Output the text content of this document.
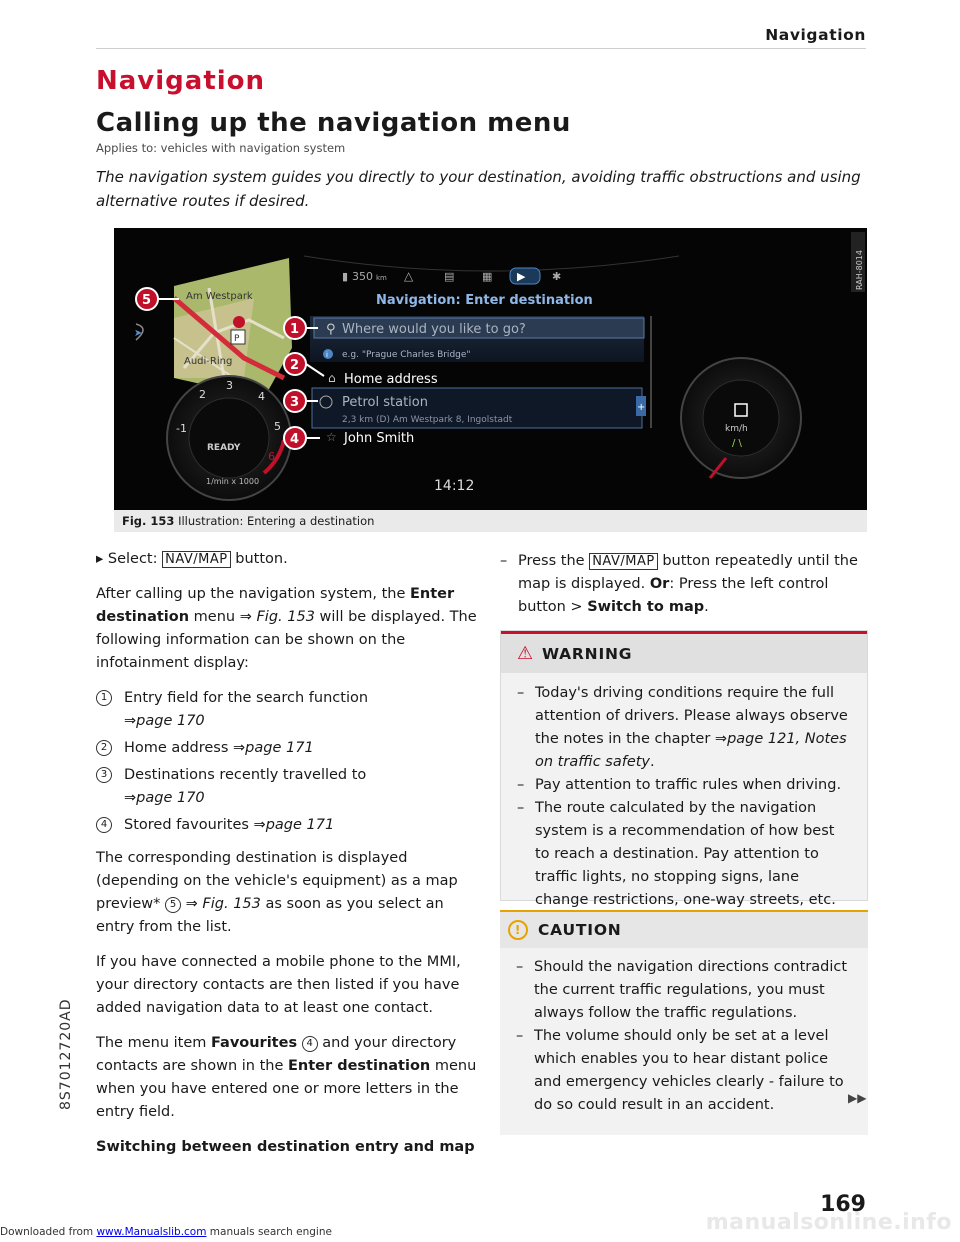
Navigation
Navigation
Calling up the navigation menu
Applies to: vehicles with navigation system
The navigation system guides you directly to your destination, avoiding traffic obstructions and using alternative routes if desired.
P
Am Westpark
Audi-Ring
-1
2
3
4
5
6
READY
1/min x 1000
➤
▮ 350 km △	▤	▦ ▶ ✱
Navigation: Enter destination
⚲ Where would you like to go?
i e.g. "Prague Charles Bridge"
⌂ Home address
Petrol station
2,3 km (D) Am Westpark 8, Ingolstadt
+
☆ John Smith
14:12
km/h
/ \
5
1
2
3
4
RAH-8014
Fig. 153 Illustration: Entering a destination

▸ Select: NAV/MAP button.

After calling up the navigation system, the Enter destination menu ⇒ Fig. 153 will be displayed. The following information can be shown on the infotainment display:

1	Entry field for the search function
⇒page 170
2	Home address ⇒page 171
3	Destinations recently travelled to
⇒page 170
4	Stored favourites ⇒page 171

The corresponding destination is displayed (depending on the vehicle's equipment) as a map preview* 5 ⇒ Fig. 153 as soon as you select an entry from the list.

If you have connected a mobile phone to the MMI, your directory contacts are then listed if you have added navigation data to at least one contact.

The menu item Favourites 4 and your directory contacts are shown in the Enter destination menu when you have entered one or more letters in the entry field.

Switching between destination entry and map
– Press the NAV/MAP button repeatedly until the map is displayed. Or: Press the left control button > Switch to map.
⚠ WARNING
– Today's driving conditions require the full attention of drivers. Please always observe the notes in the chapter ⇒page 121, Notes on traffic safety.
– Pay attention to traffic rules when driving.
– The route calculated by the navigation system is a recommendation of how best to reach a destination. Pay attention to traffic lights, no stopping signs, lane change restrictions, one-way streets, etc.
!	CAUTION
– Should the navigation directions contradict the current traffic regulations, you must always follow the traffic regulations.
– The volume should only be set at a level which enables you to hear distant police and emergency vehicles clearly - failure to do so could result in an accident.	▶▶
169
8S7012720AD
manualsonline.info
Downloaded from www.Manualslib.com manuals search engine
